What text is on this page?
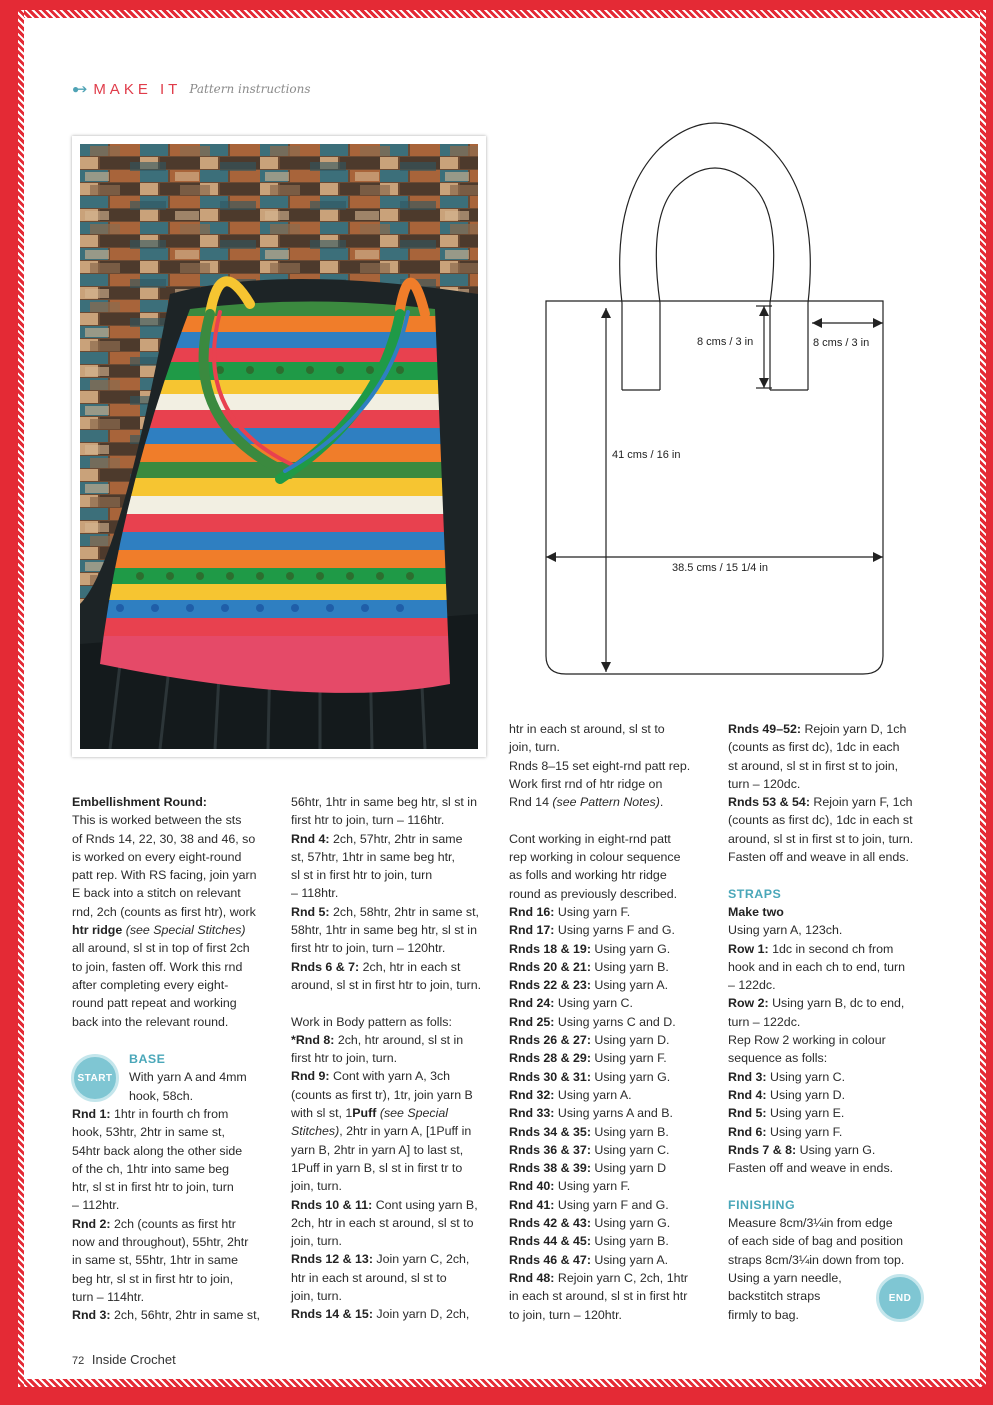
●➔ MAKE IT Pattern instructions
8 cms / 3 in	8 cms / 3 in
41 cms / 16 in
38.5 cms / 15 1/4 in

Embellishment Round:

This is worked between the sts

of Rnds 14, 22, 30, 38 and 46, so

is worked on every eight-round

patt rep. With RS facing, join yarn

E back into a stitch on relevant

rnd, 2ch (counts as first htr), work

htr ridge (see Special Stitches)

all around, sl st in top of first 2ch

to join, fasten off. Work this rnd

after completing every eight-

round patt repeat and working

back into the relevant round.

START

BASE

With yarn A and 4mm

hook, 58ch.

Rnd 1: 1htr in fourth ch from

hook, 53htr, 2htr in same st,

54htr back along the other side

of the ch, 1htr into same beg

htr, sl st in first htr to join, turn

– 112htr.

Rnd 2: 2ch (counts as first htr

now and throughout), 55htr, 2htr

in same st, 55htr, 1htr in same

beg htr, sl st in first htr to join,

turn – 114htr.

Rnd 3: 2ch, 56htr, 2htr in same st,

56htr, 1htr in same beg htr, sl st in

first htr to join, turn – 116htr.

Rnd 4: 2ch, 57htr, 2htr in same

st, 57htr, 1htr in same beg htr,

sl st in first htr to join, turn

– 118htr.

Rnd 5: 2ch, 58htr, 2htr in same st,

58htr, 1htr in same beg htr, sl st in

first htr to join, turn – 120htr.

Rnds 6 & 7: 2ch, htr in each st

around, sl st in first htr to join, turn.

Work in Body pattern as folls:

*Rnd 8: 2ch, htr around, sl st in

first htr to join, turn.

Rnd 9: Cont with yarn A, 3ch

(counts as first tr), 1tr, join yarn B

with sl st, 1Puff (see Special

Stitches), 2htr in yarn A, [1Puff in

yarn B, 2htr in yarn A] to last st,

1Puff in yarn B, sl st in first tr to

join, turn.

Rnds 10 & 11: Cont using yarn B,

2ch, htr in each st around, sl st to

join, turn.

Rnds 12 & 13: Join yarn C, 2ch,

htr in each st around, sl st to

join, turn.

Rnds 14 & 15: Join yarn D, 2ch,

htr in each st around, sl st to

join, turn.

Rnds 8–15 set eight-rnd patt rep.

Work first rnd of htr ridge on

Rnd 14 (see Pattern Notes).

Cont working in eight-rnd patt

rep working in colour sequence

as folls and working htr ridge

round as previously described.

Rnd 16: Using yarn F.

Rnd 17: Using yarns F and G.

Rnds 18 & 19: Using yarn G.

Rnds 20 & 21: Using yarn B.

Rnds 22 & 23: Using yarn A.

Rnd 24: Using yarn C.

Rnd 25: Using yarns C and D.

Rnds 26 & 27: Using yarn D.

Rnds 28 & 29: Using yarn F.

Rnds 30 & 31: Using yarn G.

Rnd 32: Using yarn A.

Rnd 33: Using yarns A and B.

Rnds 34 & 35: Using yarn B.

Rnds 36 & 37: Using yarn C.

Rnds 38 & 39: Using yarn D

Rnd 40: Using yarn F.

Rnd 41: Using yarn F and G.

Rnds 42 & 43: Using yarn G.

Rnds 44 & 45: Using yarn B.

Rnds 46 & 47: Using yarn A.

Rnd 48: Rejoin yarn C, 2ch, 1htr

in each st around, sl st in first htr

to join, turn – 120htr.

Rnds 49–52: Rejoin yarn D, 1ch

(counts as first dc), 1dc in each

st around, sl st in first st to join,

turn – 120dc.

Rnds 53 & 54: Rejoin yarn F, 1ch

(counts as first dc), 1dc in each st

around, sl st in first st to join, turn.

Fasten off and weave in all ends.

STRAPS

Make two

Using yarn A, 123ch.

Row 1: 1dc in second ch from

hook and in each ch to end, turn

– 122dc.

Row 2: Using yarn B, dc to end,

turn – 122dc.

Rep Row 2 working in colour

sequence as folls:

Rnd 3: Using yarn C.

Rnd 4: Using yarn D.

Rnd 5: Using yarn E.

Rnd 6: Using yarn F.

Rnds 7 & 8: Using yarn G.

Fasten off and weave in ends.

FINISHING

Measure 8cm/3¼in from edge

of each side of bag and position

straps 8cm/3¼in down from top.

Using a yarn needle,

backstitch straps

firmly to bag.

END
72 Inside Crochet
